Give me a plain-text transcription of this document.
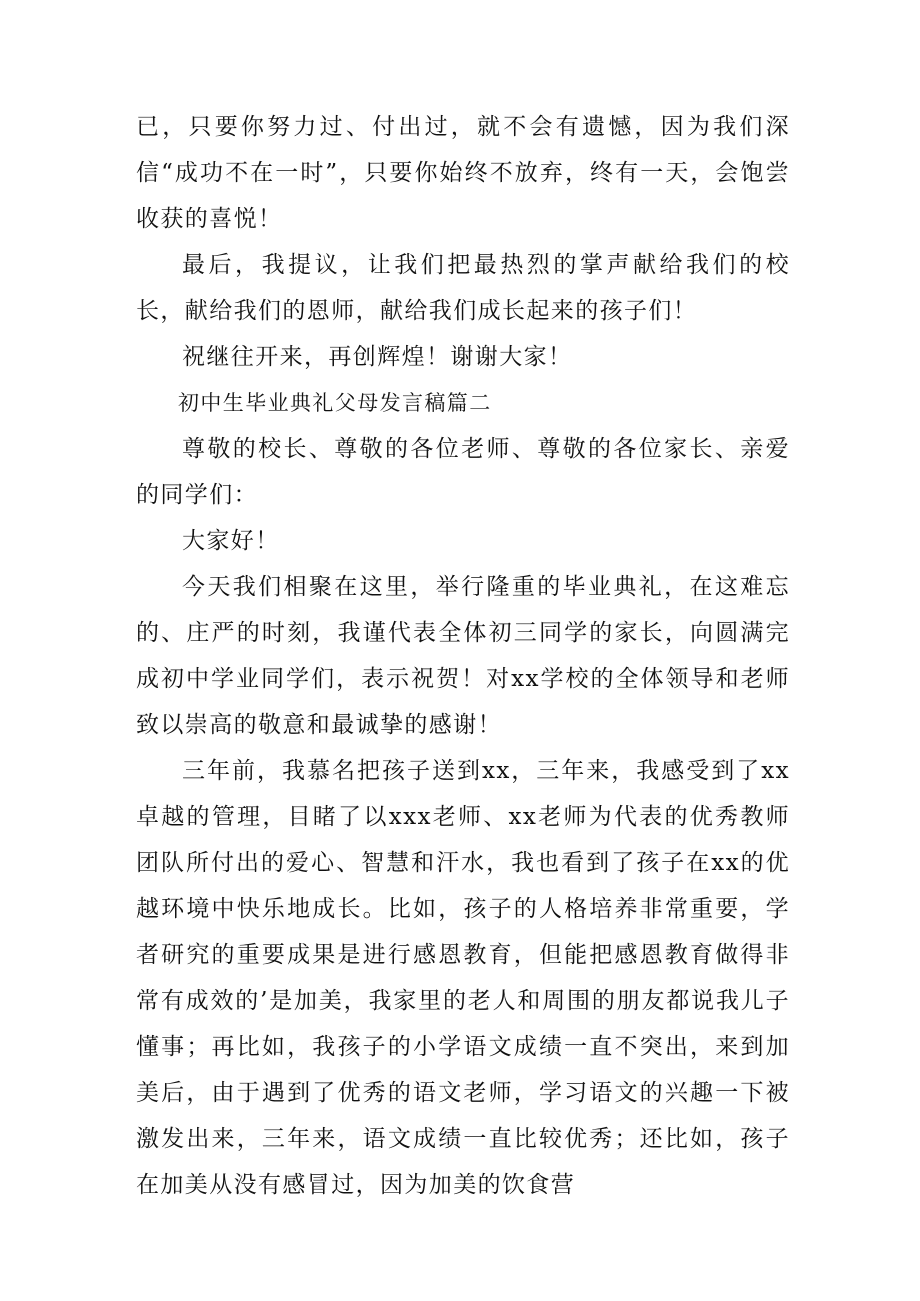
已，只要你努力过、付出过，就不会有遗憾，因为我们深信“成功不在一时”，只要你始终不放弃，终有一天，会饱尝收获的喜悦！

最后，我提议，让我们把最热烈的掌声献给我们的校长，献给我们的恩师，献给我们成长起来的孩子们！

祝继往开来，再创辉煌！谢谢大家！

初中生毕业典礼父母发言稿篇二

尊敬的校长、尊敬的各位老师、尊敬的各位家长、亲爱的同学们：

大家好！

今天我们相聚在这里，举行隆重的毕业典礼，在这难忘的、庄严的时刻，我谨代表全体初三同学的家长，向圆满完成初中学业同学们，表示祝贺！对xx学校的全体领导和老师致以崇高的敬意和最诚挚的感谢！

三年前，我慕名把孩子送到xx，三年来，我感受到了xx卓越的管理，目睹了以xxx老师、xx老师为代表的优秀教师团队所付出的爱心、智慧和汗水，我也看到了孩子在xx的优越环境中快乐地成长。比如，孩子的人格培养非常重要，学者研究的重要成果是进行感恩教育，但能把感恩教育做得非常有成效的’是加美，我家里的老人和周围的朋友都说我儿子懂事；再比如，我孩子的小学语文成绩一直不突出，来到加美后，由于遇到了优秀的语文老师，学习语文的兴趣一下被激发出来，三年来，语文成绩一直比较优秀；还比如，孩子在加美从没有感冒过，因为加美的饮食营
